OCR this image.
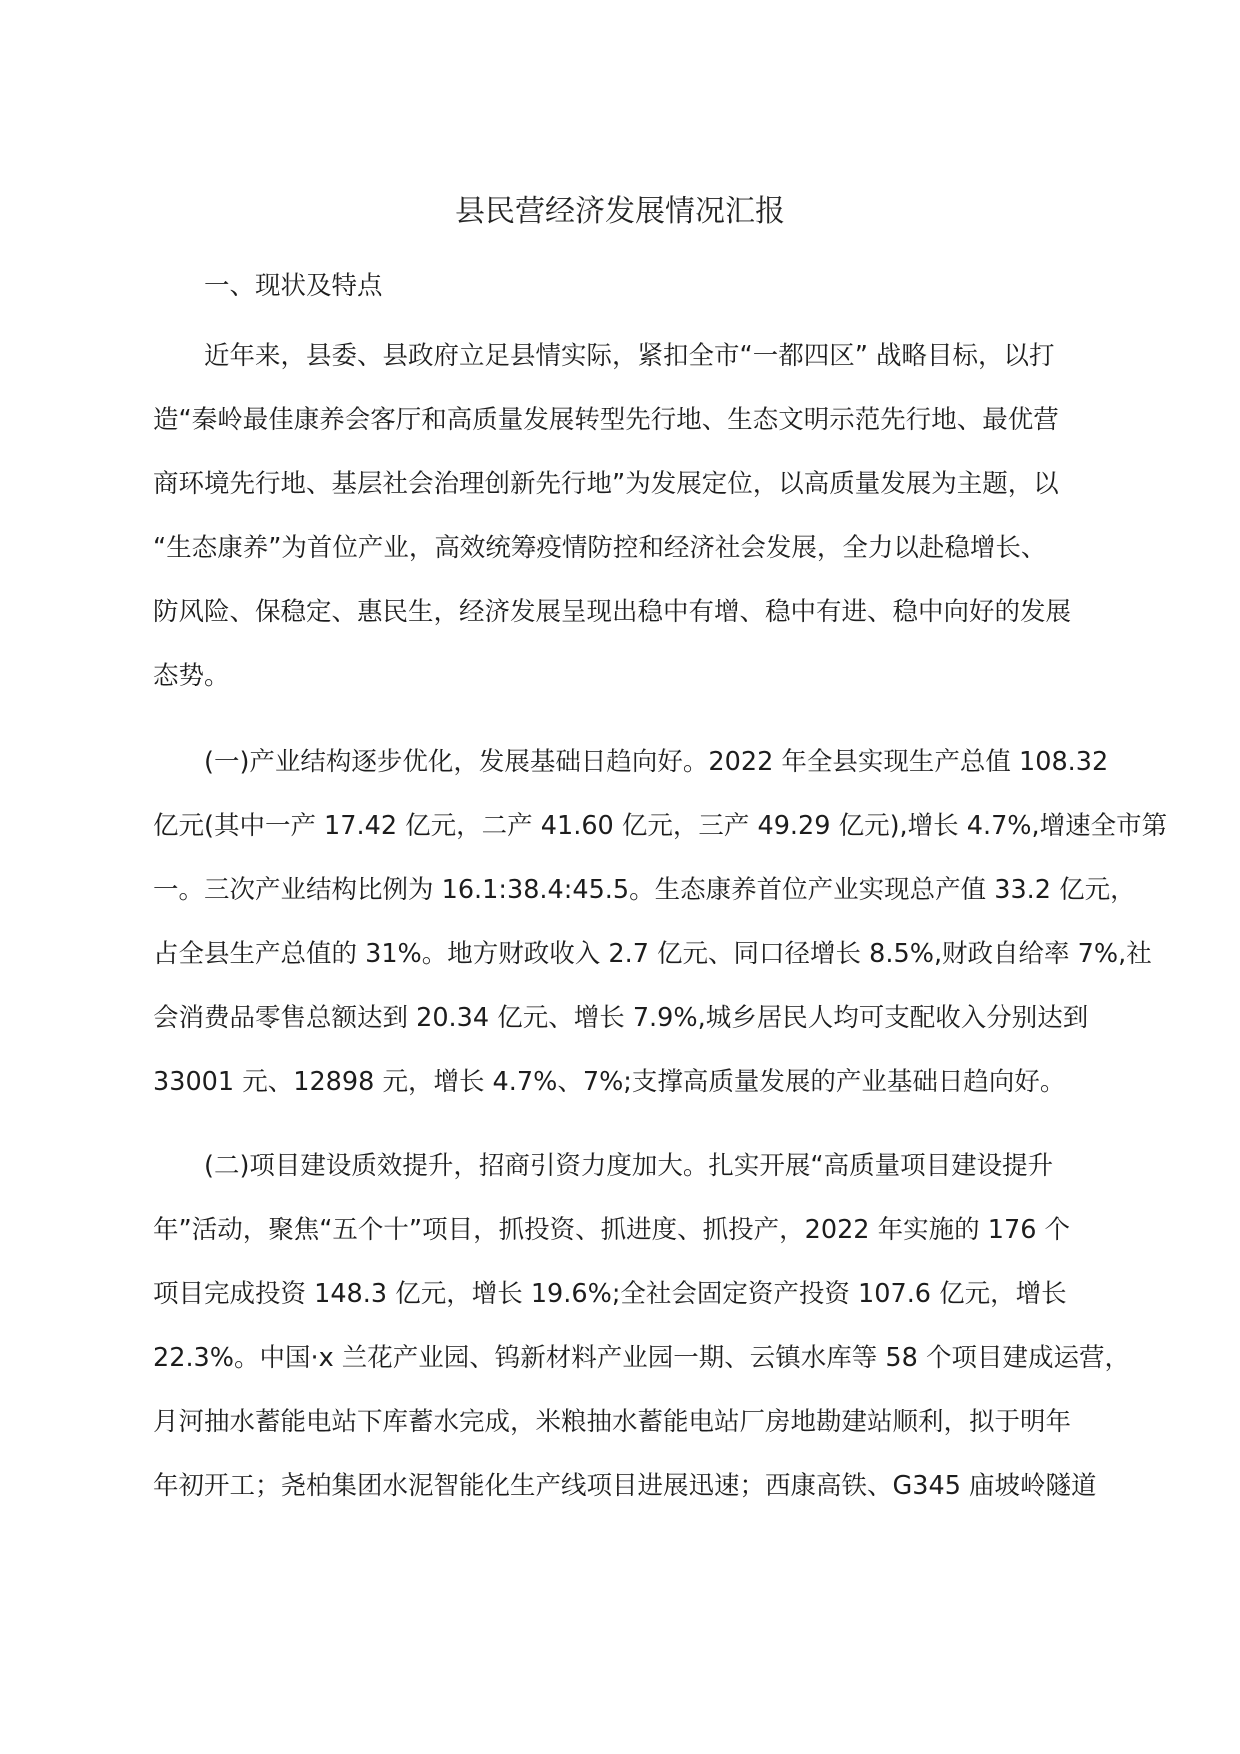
县民营经济发展情况汇报

一、现状及特点

近年来，县委、县政府立足县情实际，紧扣全市“一都四区” 战略目标，以打

造“秦岭最佳康养会客厅和高质量发展转型先行地、生态文明示范先行地、最优营

商环境先行地、基层社会治理创新先行地”为发展定位，以高质量发展为主题，以

“生态康养”为首位产业，高效统筹疫情防控和经济社会发展，全力以赴稳增长、

防风险、保稳定、惠民生，经济发展呈现出稳中有增、稳中有进、稳中向好的发展

态势。

(一)产业结构逐步优化，发展基础日趋向好。2022 年全县实现生产总值 108.32

亿元(其中一产 17.42 亿元，二产 41.60 亿元，三产 49.29 亿元),增长 4.7%,增速全市第

一。三次产业结构比例为 16.1:38.4:45.5。生态康养首位产业实现总产值 33.2 亿元，

占全县生产总值的 31%。地方财政收入 2.7 亿元、同口径增长 8.5%,财政自给率 7%,社

会消费品零售总额达到 20.34 亿元、增长 7.9%,城乡居民人均可支配收入分别达到

33001 元、12898 元，增长 4.7%、7%;支撑高质量发展的产业基础日趋向好。

(二)项目建设质效提升，招商引资力度加大。扎实开展“高质量项目建设提升

年”活动，聚焦“五个十”项目，抓投资、抓进度、抓投产，2022 年实施的 176 个

项目完成投资 148.3 亿元，增长 19.6%;全社会固定资产投资 107.6 亿元，增长

22.3%。中国·x 兰花产业园、钨新材料产业园一期、云镇水库等 58 个项目建成运营，

月河抽水蓄能电站下库蓄水完成，米粮抽水蓄能电站厂房地勘建站顺利，拟于明年

年初开工；尧柏集团水泥智能化生产线项目进展迅速；西康高铁、G345 庙坡岭隧道
